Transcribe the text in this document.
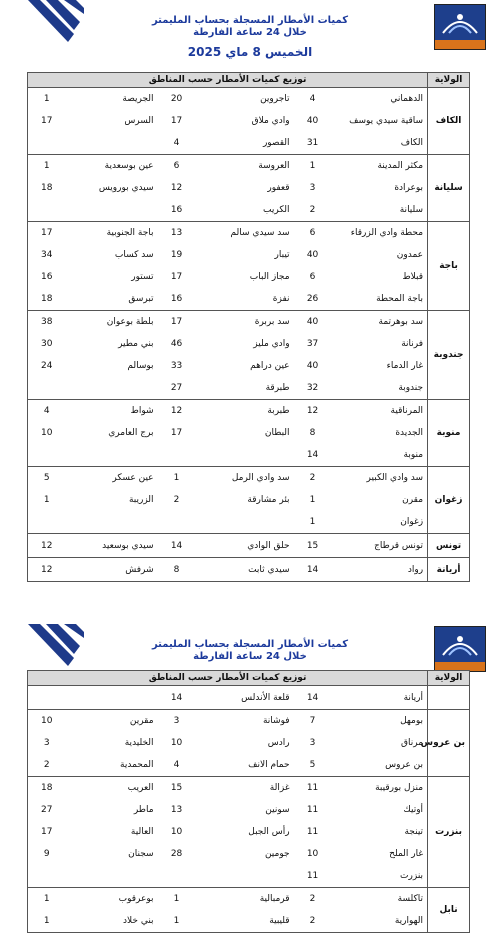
كميات الأمطار المسجلة بحساب المليمتر
خلال 24 ساعة الفارطة
الخميس 8 ماي 2025
الولاية	توزيع كميات الأمطار حسب المناطق					
الكاف	الدهماني	4	تاجروين	20	الجريصة	1
	ساقية سيدي يوسف	40	وادي ملاق	17	السرس	17
	الكاف	31	القصور	4		
سليانة	مكثر المدينة	1	العروسة	6	عين بوسعدية	1
	بوعرادة	3	قعفور	12	سيدي بورويس	18
	سليانة	2	الكريب	16		
باجة	محطة وادي الزرقاء	6	سد سيدي سالم	13	باجة الجنوبية	17
	عمدون	40	تيبار	19	سد كساب	34
	قبلاط	6	مجاز الباب	17	تستور	16
	باجة المحطة	26	نفزة	16	تبرسق	18
جندوبة	سد بوهرتمة	40	سد بربرة	17	بلطة بوعوان	38
	فرنانة	37	وادي مليز	46	بني مطير	30
	غار الدماء	40	عين دراهم	33	بوسالم	24
	جندوبة	32	طبرقة	27		
منوبة	المرناقية	12	طبربة	12	شواط	4
	الجديدة	8	البطان	17	برج العامري	10
	منوبة	14				
زغوان	سد وادي الكبير	2	سد وادي الرمل	1	عين عسكر	5
	مقرن	1	بئر مشارقة	2	الزريبة	1
	زغوان	1				
تونس	تونس قرطاج	15	حلق الوادي	14	سيدي بوسعيد	12
أريانة	رواد	14	سيدي ثابت	8	شرفش	12
كميات الأمطار المسجلة بحساب المليمتر
خلال 24 ساعة الفارطة
الولاية	توزيع كميات الأمطار حسب المناطق					
	أريانة	14	قلعة الأندلس	14		
بن عروس	بومهل	7	فوشانة	3	مقرين	10
	مرناق	3	رادس	10	الخليدية	3
	بن عروس	5	حمام الانف	4	المحمدية	2
بنزرت	منزل بورقيبة	11	غزالة	15	العريب	18
	أوتيك	11	سونين	13	ماطر	27
	تينجة	11	رأس الجبل	10	العالية	17
	غار الملح	10	جومين	28	سجنان	9
	بنزرت	11				
نابل	تاكلسة	2	قرمبالية	1	بوعرقوب	1
	الهوارية	2	قليبية	1	بني خلاد	1
